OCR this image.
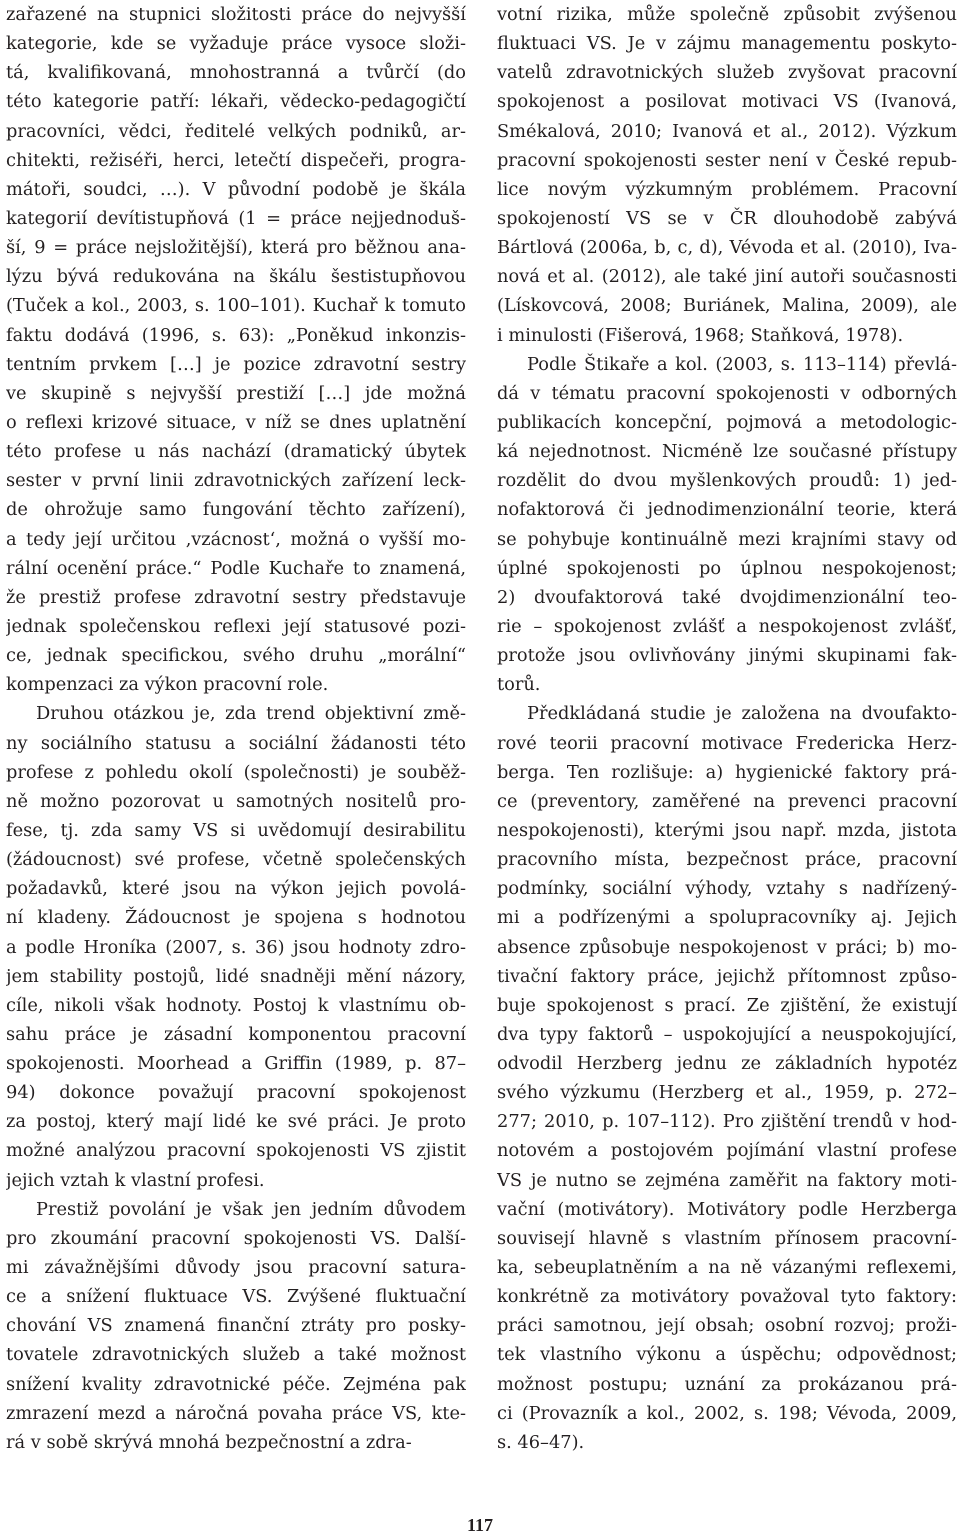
zařazené na stupnici složitosti práce do nejvyšší
kategorie, kde se vyžaduje práce vysoce složi-
tá, kvalifikovaná, mnohostranná a tvůrčí (do
této kategorie patří: lékaři, vědecko-pedagogičtí
pracovníci, vědci, ředitelé velkých podniků, ar-
chitekti, režiséři, herci, letečtí dispečeři, progra-
mátoři, soudci, …). V původní podobě je škála
kategorií devítistupňová (1 = práce nejjednoduš-
ší, 9 = práce nejsložitější), která pro běžnou ana-
lýzu bývá redukována na škálu šestistupňovou
(Tuček a kol., 2003, s. 100–101). Kuchař k tomuto
faktu dodává (1996, s. 63): „Poněkud inkonzis-
tentním prvkem […] je pozice zdravotní sestry
ve skupině s nejvyšší prestiží […] jde možná
o reflexi krizové situace, v níž se dnes uplatnění
této profese u nás nachází (dramatický úbytek
sester v první linii zdravotnických zařízení leck-
de ohrožuje samo fungování těchto zařízení),
a tedy její určitou ‚vzácnost‘, možná o vyšší mo-
rální ocenění práce.“ Podle Kuchaře to znamená,
že prestiž profese zdravotní sestry představuje
jednak společenskou reflexi její statusové pozi-
ce, jednak specifickou, svého druhu „morální“
kompenzaci za výkon pracovní role.
Druhou otázkou je, zda trend objektivní změ-
ny sociálního statusu a sociální žádanosti této
profese z pohledu okolí (společnosti) je souběž-
ně možno pozorovat u samotných nositelů pro-
fese, tj. zda samy VS si uvědomují desirabilitu
(žádoucnost) své profese, včetně společenských
požadavků, které jsou na výkon jejich povolá-
ní kladeny. Žádoucnost je spojena s hodnotou
a podle Hroníka (2007, s. 36) jsou hodnoty zdro-
jem stability postojů, lidé snadněji mění názory,
cíle, nikoli však hodnoty. Postoj k vlastnímu ob-
sahu práce je zásadní komponentou pracovní
spokojenosti. Moorhead a Griffin (1989, p. 87–
94) dokonce považují pracovní spokojenost
za postoj, který mají lidé ke své práci. Je proto
možné analýzou pracovní spokojenosti VS zjistit
jejich vztah k vlastní profesi.
Prestiž povolání je však jen jedním důvodem
pro zkoumání pracovní spokojenosti VS. Další-
mi závažnějšími důvody jsou pracovní satura-
ce a snížení fluktuace VS. Zvýšené fluktuační
chování VS znamená finanční ztráty pro posky-
tovatele zdravotnických služeb a také možnost
snížení kvality zdravotnické péče. Zejména pak
zmrazení mezd a náročná povaha práce VS, kte-
rá v sobě skrývá mnohá bezpečnostní a zdra-
votní rizika, může společně způsobit zvýšenou
fluktuaci VS. Je v zájmu managementu poskyto-
vatelů zdravotnických služeb zvyšovat pracovní
spokojenost a posilovat motivaci VS (Ivanová,
Smékalová, 2010; Ivanová et al., 2012). Výzkum
pracovní spokojenosti sester není v České repub-
lice novým výzkumným problémem. Pracovní
spokojeností VS se v ČR dlouhodobě zabývá
Bártlová (2006a, b, c, d), Vévoda et al. (2010), Iva-
nová et al. (2012), ale také jiní autoři současnosti
(Lískovcová, 2008; Buriánek, Malina, 2009), ale
i minulosti (Fišerová, 1968; Staňková, 1978).
Podle Štikaře a kol. (2003, s. 113–114) převlá-
dá v tématu pracovní spokojenosti v odborných
publikacích koncepční, pojmová a metodologic-
ká nejednotnost. Nicméně lze současné přístupy
rozdělit do dvou myšlenkových proudů: 1) jed-
nofaktorová či jednodimenzionální teorie, která
se pohybuje kontinuálně mezi krajními stavy od
úplné spokojenosti po úplnou nespokojenost;
2) dvoufaktorová také dvojdimenzionální teo-
rie – spokojenost zvlášť a nespokojenost zvlášť,
protože jsou ovlivňovány jinými skupinami fak-
torů.
Předkládaná studie je založena na dvoufakto-
rové teorii pracovní motivace Fredericka Herz-
berga. Ten rozlišuje: a) hygienické faktory prá-
ce (preventory, zaměřené na prevenci pracovní
nespokojenosti), kterými jsou např. mzda, jistota
pracovního místa, bezpečnost práce, pracovní
podmínky, sociální výhody, vztahy s nadřízený-
mi a podřízenými a spolupracovníky aj. Jejich
absence způsobuje nespokojenost v práci; b) mo-
tivační faktory práce, jejichž přítomnost způso-
buje spokojenost s prací. Ze zjištění, že existují
dva typy faktorů – uspokojující a neuspokojující,
odvodil Herzberg jednu ze základních hypotéz
svého výzkumu (Herzberg et al., 1959, p. 272–
277; 2010, p. 107–112). Pro zjištění trendů v hod-
notovém a postojovém pojímání vlastní profese
VS je nutno se zejména zaměřit na faktory moti-
vační (motivátory). Motivátory podle Herzberga
souvisejí hlavně s vlastním přínosem pracovní-
ka, sebeuplatněním a na ně vázanými reflexemi,
konkrétně za motivátory považoval tyto faktory:
práci samotnou, její obsah; osobní rozvoj; proži-
tek vlastního výkonu a úspěchu; odpovědnost;
možnost postupu; uznání za prokázanou prá-
ci (Provazník a kol., 2002, s. 198; Vévoda, 2009,
s. 46–47).
117
